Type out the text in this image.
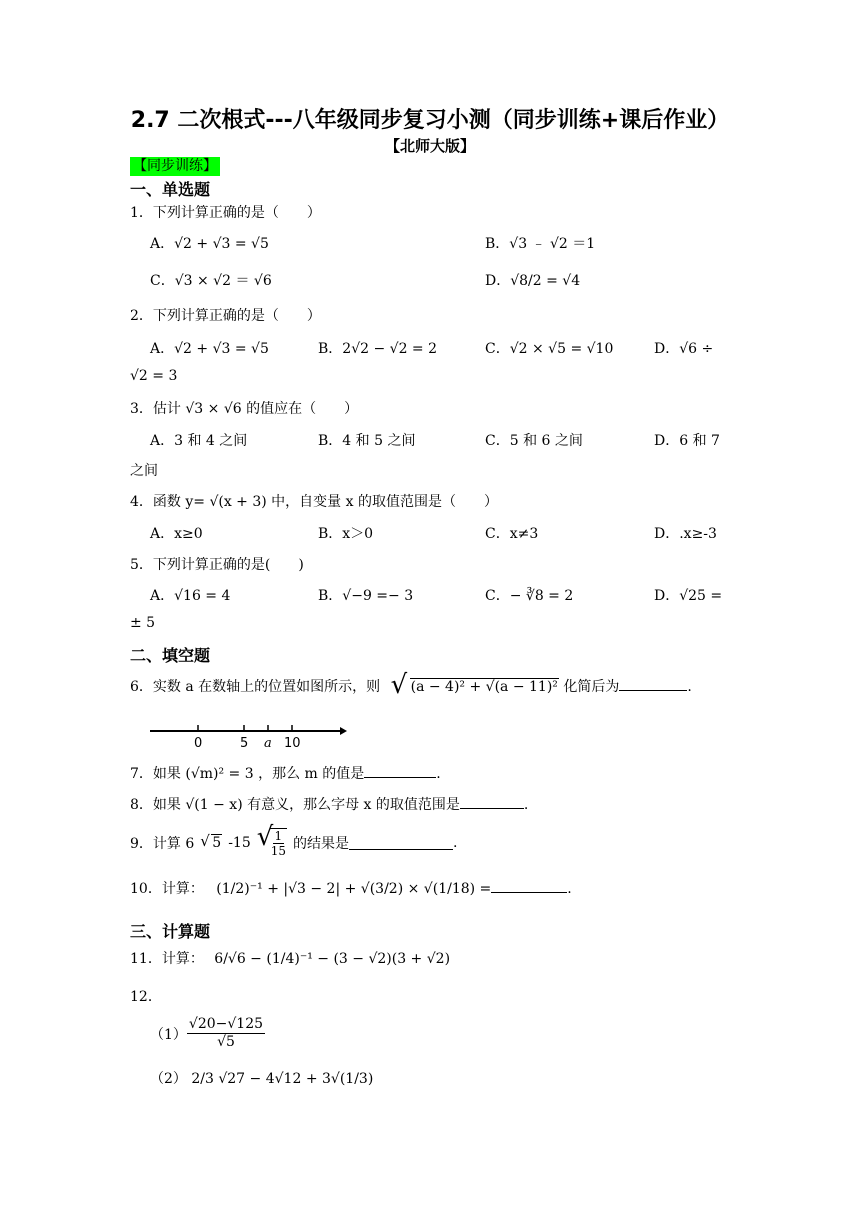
2.7 二次根式---八年级同步复习小测（同步训练+课后作业）
【北师大版】
【同步训练】
一、单选题
1．下列计算正确的是（　　）
A．√2 + √3 = √5	B．√3 ﹣ √2 ＝1
C．√3 × √2 ＝ √6	D．√8/2 = √4
2．下列计算正确的是（　　）
A．√2 + √3 = √5	B．2√2 − √2 = 2	C．√2 × √5 = √10	D．√6 ÷
√2 = 3
3．估计 √3 × √6 的值应在（　　）
A．3 和 4 之间	B．4 和 5 之间	C．5 和 6 之间	D．6 和 7
之间
4．函数 y= √(x + 3) 中，自变量 x 的取值范围是（　　）
A．x≥0	B．x＞0	C．x≠3	D．.x≥-3
5．下列计算正确的是(　　)
A．√16 = 4	B．√−9 =− 3	C．− ∛8 = 2	D．√25 =
± 5
二、填空题
6．实数 a 在数轴上的位置如图所示，则 √ (a − 4)² + √(a − 11)² 化简后为	.
0	5 a 10
7．如果 (√m)² = 3 ，那么 m 的值是	.
8．如果 √(1 − x) 有意义，那么字母 x 的取值范围是	.
9．计算 6 √ 5 -15 √
$\frac{1}{15}$ 的结果是	.
10．计算： (1/2)⁻¹ + |√3 − 2| + √(3/2) × √(1/18) =	.
三、计算题
11．计算： 6/√6 − (1/4)⁻¹ − (3 − √2)(3 + √2)
12．
$(1) \frac{√20-√125}{√5}$
（2） 2/3 √27 − 4√12 + 3√(1/3)
